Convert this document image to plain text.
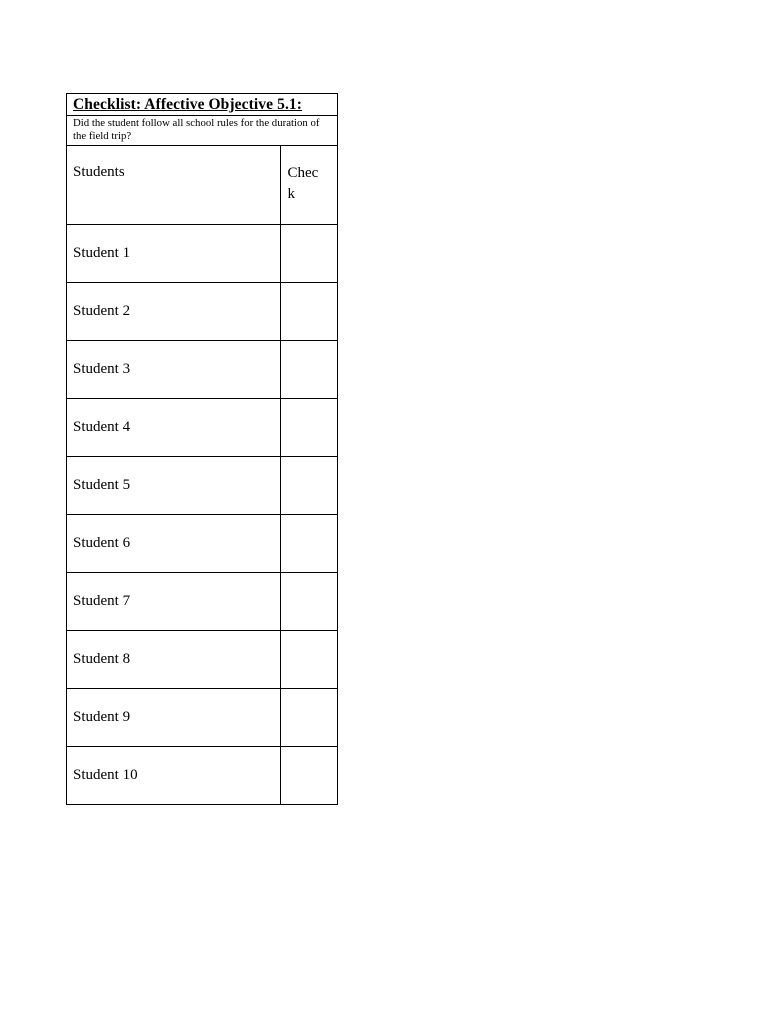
Checklist: Affective Objective 5.1:
Did the student follow all school rules for the duration of the field trip?
Students	Chec
k
Student 1	
Student 2	
Student 3	
Student 4	
Student 5	
Student 6	
Student 7	
Student 8	
Student 9	
Student 10	
